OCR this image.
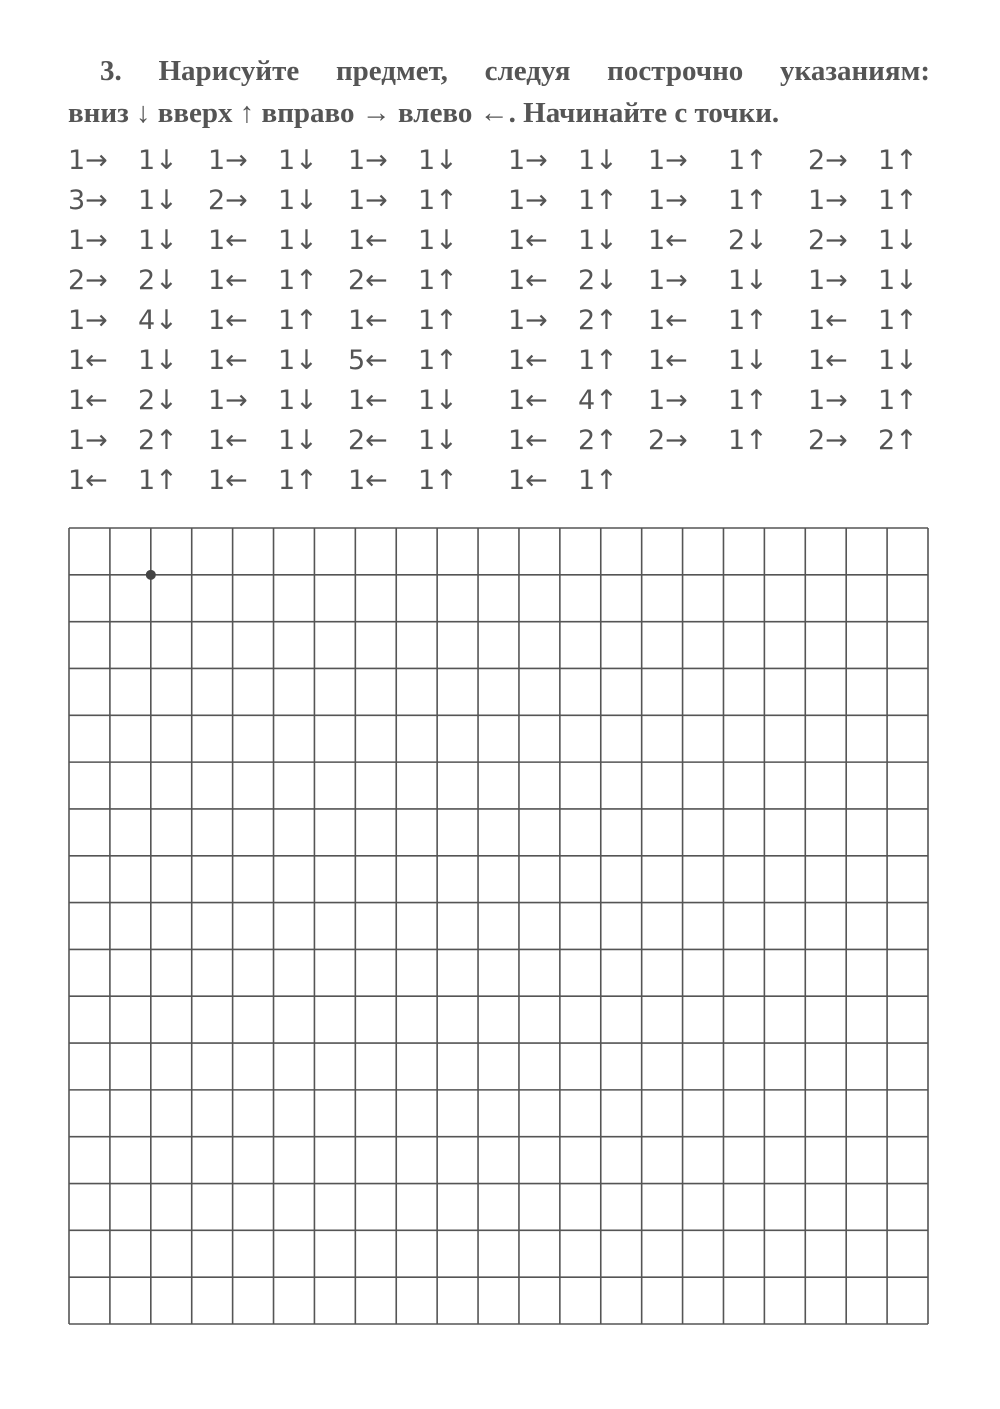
3. Нарисуйте предмет, следуя построчно указаниям:
вниз ↓ вверх ↑ вправо → влево ←. Начинайте с точки.
1→ 1↓ 1→ 1↓ 1→ 1↓ 1→ 1↓ 1→ 1↑ 2→ 1↑
3→ 1↓ 2→ 1↓ 1→ 1↑ 1→ 1↑ 1→ 1↑ 1→ 1↑
1→ 1↓ 1← 1↓ 1← 1↓ 1← 1↓ 1← 2↓ 2→ 1↓
2→ 2↓ 1← 1↑ 2← 1↑ 1← 2↓ 1→ 1↓ 1→ 1↓
1→ 4↓ 1← 1↑ 1← 1↑ 1→ 2↑ 1← 1↑ 1← 1↑
1← 1↓ 1← 1↓ 5← 1↑ 1← 1↑ 1← 1↓ 1← 1↓
1← 2↓ 1→ 1↓ 1← 1↓ 1← 4↑ 1→ 1↑ 1→ 1↑
1→ 2↑ 1← 1↓ 2← 1↓ 1← 2↑ 2→ 1↑ 2→ 2↑
1← 1↑ 1← 1↑ 1← 1↑ 1← 1↑
